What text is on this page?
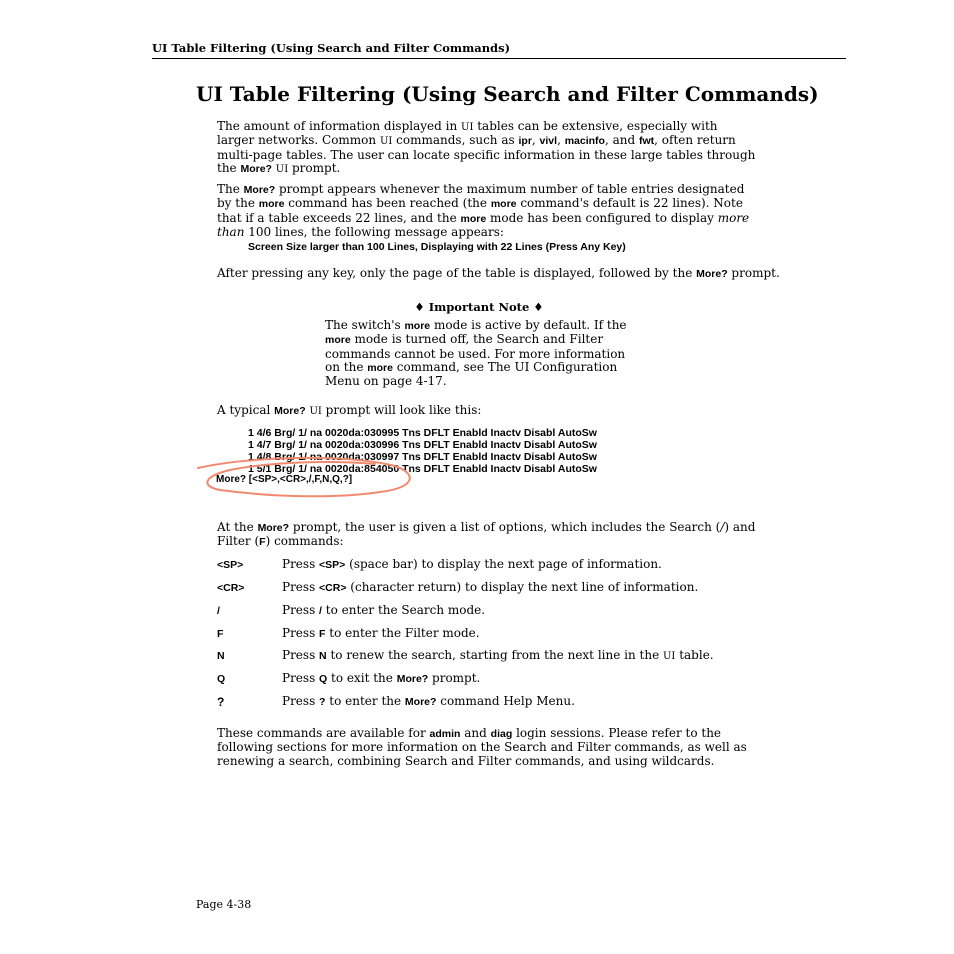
UI Table Filtering (Using Search and Filter Commands)
UI Table Filtering (Using Search and Filter Commands)

The amount of information displayed in UI tables can be extensive, especially with larger networks. Common UI commands, such as ipr, vivl, macinfo, and fwt, often return multi-page tables. The user can locate specific information in these large tables through the More? UI prompt.

The More? prompt appears whenever the maximum number of table entries designated by the more command has been reached (the more command's default is 22 lines). Note that if a table exceeds 22 lines, and the more mode has been configured to display more than 100 lines, the following message appears:

Screen Size larger than 100 Lines, Displaying with 22 Lines (Press Any Key)

After pressing any key, only the page of the table is displayed, followed by the More? prompt.

♦ Important Note ♦

The switch's more mode is active by default. If the more mode is turned off, the Search and Filter commands cannot be used. For more information on the more command, see The UI Configuration Menu on page 4-17.

A typical More? UI prompt will look like this:

1 4/6 Brg/ 1/ na 0020da:030995 Tns DFLT Enabld Inactv Disabl AutoSw
1 4/7 Brg/ 1/ na 0020da:030996 Tns DFLT Enabld Inactv Disabl AutoSw
1 4/8 Brg/ 1/ na 0020da:030997 Tns DFLT Enabld Inactv Disabl AutoSw
1 5/1 Brg/ 1/ na 0020da:854050 Tns DFLT Enabld Inactv Disabl AutoSw
More? [<SP>,<CR>,/,F,N,Q,?]

At the More? prompt, the user is given a list of options, which includes the Search (/) and Filter (F) commands:

<SP>	Press <SP> (space bar) to display the next page of information.
<CR>	Press <CR> (character return) to display the next line of information.
/	Press / to enter the Search mode.
F	Press F to enter the Filter mode.
N	Press N to renew the search, starting from the next line in the UI table.
Q	Press Q to exit the More? prompt.
?	Press ? to enter the More? command Help Menu.

These commands are available for admin and diag login sessions. Please refer to the following sections for more information on the Search and Filter commands, as well as renewing a search, combining Search and Filter commands, and using wildcards.

Page 4-38
